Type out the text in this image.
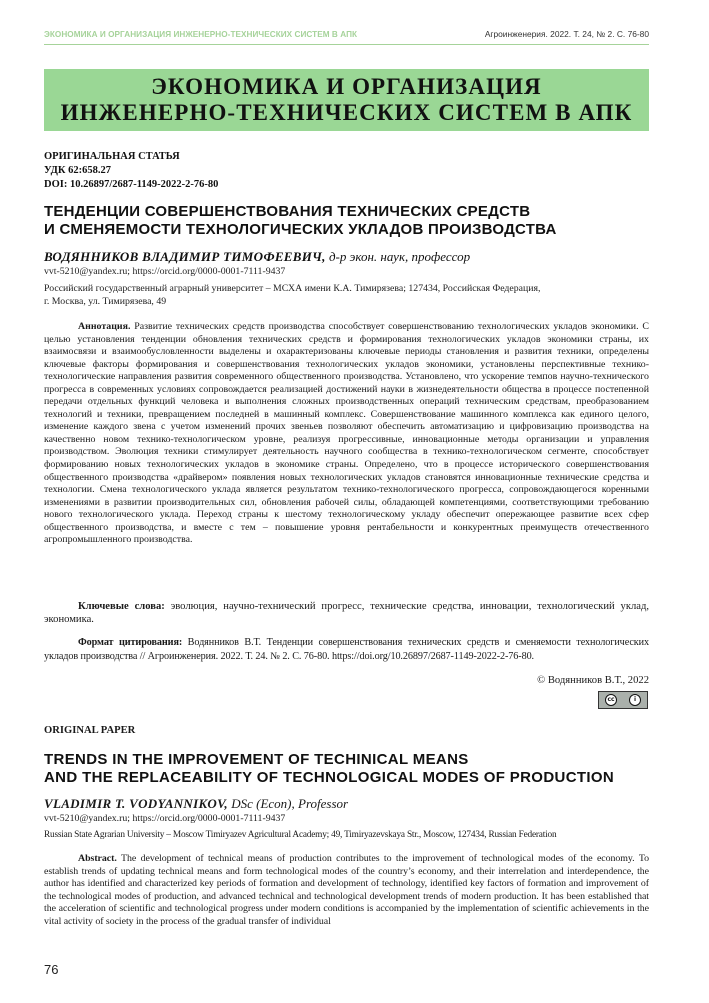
ЭКОНОМИКА И ОРГАНИЗАЦИЯ ИНЖЕНЕРНО-ТЕХНИЧЕСКИХ СИСТЕМ В АПК	Агроинженерия. 2022. Т. 24, № 2. С. 76-80
ЭКОНОМИКА И ОРГАНИЗАЦИЯ
ИНЖЕНЕРНО-ТЕХНИЧЕСКИХ СИСТЕМ В АПК
ОРИГИНАЛЬНАЯ СТАТЬЯ
УДК 62:658.27
DOI: 10.26897/2687-1149-2022-2-76-80
ТЕНДЕНЦИИ СОВЕРШЕНСТВОВАНИЯ ТЕХНИЧЕСКИХ СРЕДСТВ
И СМЕНЯЕМОСТИ ТЕХНОЛОГИЧЕСКИХ УКЛАДОВ ПРОИЗВОДСТВА
ВОДЯННИКОВ ВЛАДИМИР ТИМОФЕЕВИЧ, д-р экон. наук, профессор
vvt-5210@yandex.ru; https://orcid.org/0000-0001-7111-9437
Российский государственный аграрный университет – МСХА имени К.А. Тимирязева; 127434, Российская Федерация,
г. Москва, ул. Тимирязева, 49

Аннотация. Развитие технических средств производства способствует совершенствованию технологических укладов экономики. С целью установления тенденции обновления технических средств и формирования технологических укладов экономики страны, их взаимосвязи и взаимообусловленности выделены и охарактеризованы ключевые периоды становления и развития техники, определены ключевые факторы формирования и совершенствования технологических укладов экономики, установлены перспективные технико-технологические направления развития современного общественного производства. Установлено, что ускорение темпов научно-технического прогресса в современных условиях сопровождается реализацией достижений науки в жизнедеятельности общества в процессе постепенной передачи отдельных функций человека и выполнения сложных производственных операций техническим средствам, преобразованием технологий и техники, превращением последней в машинный комплекс. Совершенствование машинного комплекса как единого целого, изменение каждого звена с учетом изменений прочих звеньев позволяют обеспечить автоматизацию и цифровизацию производства на качественно новом технико-технологическом уровне, реализуя прогрессивные, инновационные методы организации и управления производством. Эволюция техники стимулирует деятельность научного сообщества в технико-технологическом сегменте, способствует формированию новых технологических укладов в экономике страны. Определено, что в процессе исторического совершенствования общественного производства «драйвером» появления новых технологических укладов становятся инновационные технические средства и технологии. Смена технологического уклада является результатом технико-технологического прогресса, сопровождающегося коренными изменениями в развитии производительных сил, обновления рабочей силы, обладающей компетенциями, соответствующими требованию нового технологического уклада. Переход страны к шестому технологическому укладу обеспечит опережающее развитие всех сфер общественного производства, и вместе с тем – повышение уровня рентабельности и конкурентных преимуществ отечественного агропромышленного производства.

Ключевые слова: эволюция, научно-технический прогресс, технические средства, инновации, технологический уклад, экономика.

Формат цитирования: Водянников В.Т. Тенденции совершенствования технических средств и сменяемости технологических укладов производства // Агроинженерия. 2022. Т. 24. № 2. С. 76-80. https://doi.org/10.26897/2687-1149-2022-2-76-80.

© Водянников В.Т., 2022
cc	i
ORIGINAL PAPER
TRENDS IN THE IMPROVEMENT OF TECHINICAL MEANS
AND THE REPLACEABILITY OF TECHNOLOGICAL MODES OF PRODUCTION
VLADIMIR T. VODYANNIKOV, DSc (Econ), Professor
vvt-5210@yandex.ru; https://orcid.org/0000-0001-7111-9437
Russian State Agrarian University – Moscow Timiryazev Agricultural Academy; 49, Timiryazevskaya Str., Moscow, 127434, Russian Federation

Abstract. The development of technical means of production contributes to the improvement of technological modes of the economy. To establish trends of updating technical means and form technological modes of the country’s economy, and their interrelation and interdependence, the author has identified and characterized key periods of formation and development of technology, identified key factors of formation and improvement of the technological modes of production, and advanced technical and technological development trends of modern production. It has been established that the acceleration of scientific and technological progress under modern conditions is accompanied by the implementation of scientific achievements in the vital activity of society in the process of the gradual transfer of individual

76
